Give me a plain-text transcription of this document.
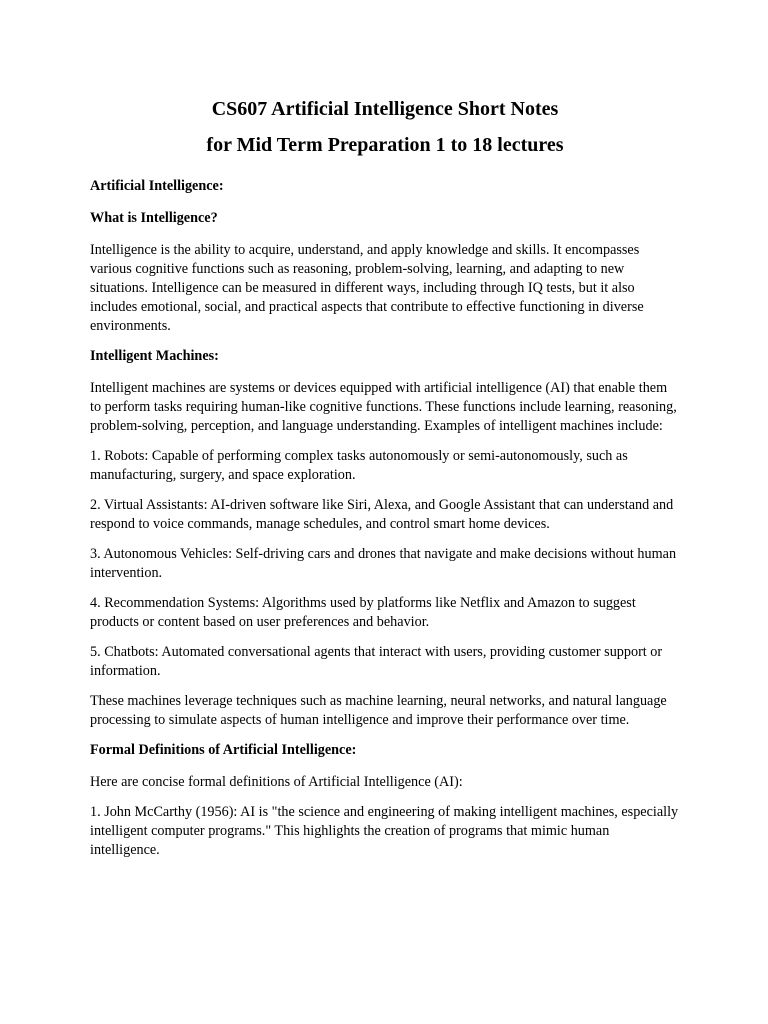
CS607 Artificial Intelligence Short Notes
for Mid Term Preparation 1 to 18 lectures
Artificial Intelligence:
What is Intelligence?

Intelligence is the ability to acquire, understand, and apply knowledge and skills. It encompasses various cognitive functions such as reasoning, problem-solving, learning, and adapting to new situations. Intelligence can be measured in different ways, including through IQ tests, but it also includes emotional, social, and practical aspects that contribute to effective functioning in diverse environments.

Intelligent Machines:

Intelligent machines are systems or devices equipped with artificial intelligence (AI) that enable them to perform tasks requiring human-like cognitive functions. These functions include learning, reasoning, problem-solving, perception, and language understanding. Examples of intelligent machines include:

1. Robots: Capable of performing complex tasks autonomously or semi-autonomously, such as manufacturing, surgery, and space exploration.

2. Virtual Assistants: AI-driven software like Siri, Alexa, and Google Assistant that can understand and respond to voice commands, manage schedules, and control smart home devices.

3. Autonomous Vehicles: Self-driving cars and drones that navigate and make decisions without human intervention.

4. Recommendation Systems: Algorithms used by platforms like Netflix and Amazon to suggest products or content based on user preferences and behavior.

5. Chatbots: Automated conversational agents that interact with users, providing customer support or information.

These machines leverage techniques such as machine learning, neural networks, and natural language processing to simulate aspects of human intelligence and improve their performance over time.

Formal Definitions of Artificial Intelligence:

Here are concise formal definitions of Artificial Intelligence (AI):

1. John McCarthy (1956): AI is "the science and engineering of making intelligent machines, especially intelligent computer programs." This highlights the creation of programs that mimic human intelligence.
